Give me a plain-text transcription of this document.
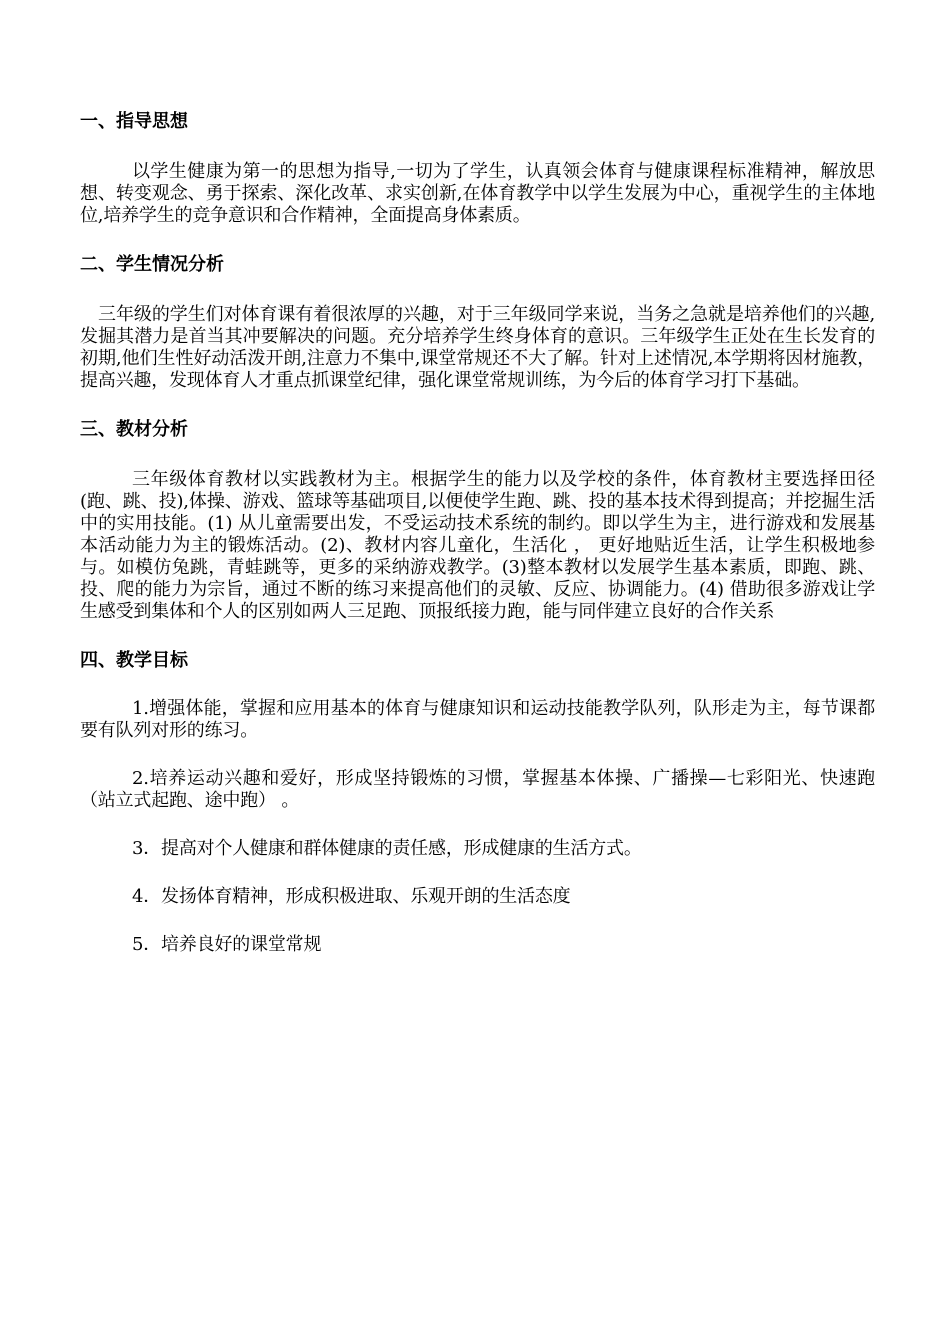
一、指导思想

以学生健康为第一的思想为指导,一切为了学生，认真领会体育与健康课程标准精神，解放思想、转变观念、勇于探索、深化改革、求实创新,在体育教学中以学生发展为中心，重视学生的主体地位,培养学生的竞争意识和合作精神，全面提高身体素质。

二、学生情况分析

三年级的学生们对体育课有着很浓厚的兴趣，对于三年级同学来说，当务之急就是培养他们的兴趣,发掘其潜力是首当其冲要解决的问题。充分培养学生终身体育的意识。三年级学生正处在生长发育的初期,他们生性好动活泼开朗,注意力不集中,课堂常规还不大了解。针对上述情况,本学期将因材施教，提高兴趣，发现体育人才重点抓课堂纪律，强化课堂常规训练，为今后的体育学习打下基础。

三、教材分析

三年级体育教材以实践教材为主。根据学生的能力以及学校的条件，体育教材主要选择田径(跑、跳、投),体操、游戏、篮球等基础项目,以便使学生跑、跳、投的基本技术得到提高；并挖掘生活中的实用技能。(1) 从儿童需要出发，不受运动技术系统的制约。即以学生为主，进行游戏和发展基本活动能力为主的锻炼活动。(2)、教材内容儿童化，生活化 ， 更好地贴近生活，让学生积极地参与。如模仿兔跳，青蛙跳等，更多的采纳游戏教学。(3)整本教材以发展学生基本素质，即跑、跳、投、爬的能力为宗旨，通过不断的练习来提高他们的灵敏、反应、协调能力。(4) 借助很多游戏让学生感受到集体和个人的区别如两人三足跑、顶报纸接力跑，能与同伴建立良好的合作关系

四、教学目标

1.增强体能，掌握和应用基本的体育与健康知识和运动技能教学队列，队形走为主，每节课都要有队列对形的练习。

2.培养运动兴趣和爱好，形成坚持锻炼的习惯，掌握基本体操、广播操—七彩阳光、快速跑（站立式起跑、途中跑） 。

3．提高对个人健康和群体健康的责任感，形成健康的生活方式。

4．发扬体育精神，形成积极进取、乐观开朗的生活态度

5．培养良好的课堂常规
